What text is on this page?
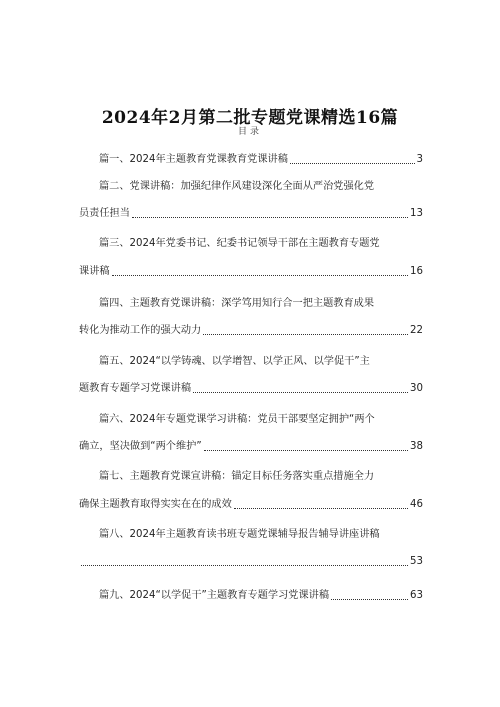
2024年2月第二批专题党课精选16篇
目录
篇一、2024年主题教育党课教育党课讲稿	3
篇二、党课讲稿：加强纪律作风建设深化全面从严治党强化党
员责任担当	13
篇三、2024年党委书记、纪委书记领导干部在主题教育专题党
课讲稿	16
篇四、主题教育党课讲稿：深学笃用知行合一把主题教育成果
转化为推动工作的强大动力	22
篇五、2024“以学铸魂、以学增智、以学正风、以学促干”主
题教育专题学习党课讲稿	30
篇六、2024年专题党课学习讲稿：党员干部要坚定拥护“两个
确立，坚决做到“两个维护”	38
篇七、主题教育党课宣讲稿：锚定目标任务落实重点措施全力
确保主题教育取得实实在在的成效	46
篇八、2024年主题教育读书班专题党课辅导报告辅导讲座讲稿
53
篇九、2024“以学促干”主题教育专题学习党课讲稿	63
